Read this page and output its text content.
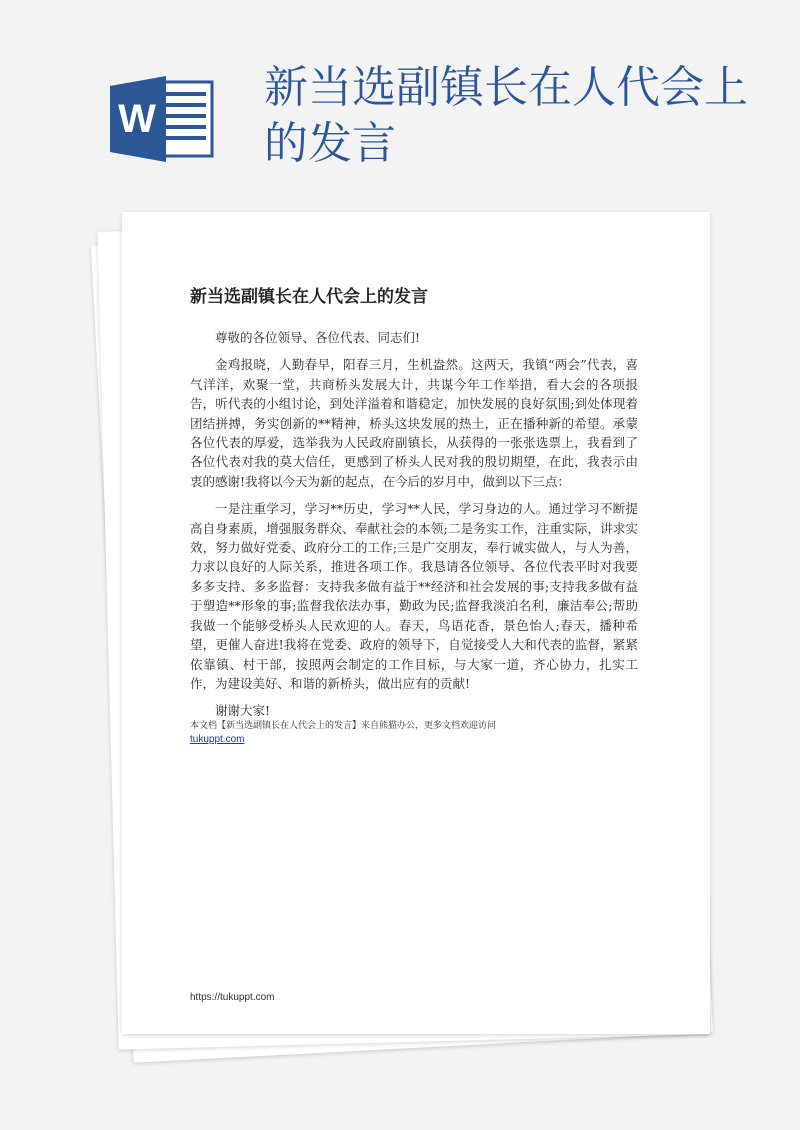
W
新当选副镇长在人代会上的发言
新当选副镇长在人代会上的发言

尊敬的各位领导、各位代表、同志们!

金鸡报晓，人勤春早，阳春三月，生机盎然。这两天，我镇“两会”代表，喜气洋洋，欢聚一堂，共商桥头发展大计，共谋今年工作举措，看大会的各项报告，听代表的小组讨论，到处洋溢着和谐稳定，加快发展的良好氛围;到处体现着团结拼搏，务实创新的**精神，桥头这块发展的热土，正在播种新的希望。承蒙各位代表的厚爱，选举我为人民政府副镇长，从获得的一张张选票上，我看到了各位代表对我的莫大信任，更感到了桥头人民对我的殷切期望，在此，我表示由衷的感谢!我将以今天为新的起点，在今后的岁月中，做到以下三点：

一是注重学习，学习**历史，学习**人民，学习身边的人。通过学习不断提高自身素质，增强服务群众、奉献社会的本领;二是务实工作，注重实际，讲求实效，努力做好党委、政府分工的工作;三是广交朋友，奉行诚实做人，与人为善，力求以良好的人际关系，推进各项工作。我恳请各位领导、各位代表平时对我要多多支持、多多监督：支持我多做有益于**经济和社会发展的事;支持我多做有益于塑造**形象的事;监督我依法办事，勤政为民;监督我淡泊名利，廉洁奉公;帮助我做一个能够受桥头人民欢迎的人。春天，鸟语花香，景色怡人;春天，播种希望，更催人奋进!我将在党委、政府的领导下，自觉接受人大和代表的监督，紧紧依靠镇、村干部，按照两会制定的工作目标，与大家一道，齐心协力，扎实工作，为建设美好、和谐的新桥头，做出应有的贡献!

谢谢大家!

本文档【新当选副镇长在人代会上的发言】来自熊猫办公，更多文档欢迎访问
tukuppt.com
https://tukuppt.com
